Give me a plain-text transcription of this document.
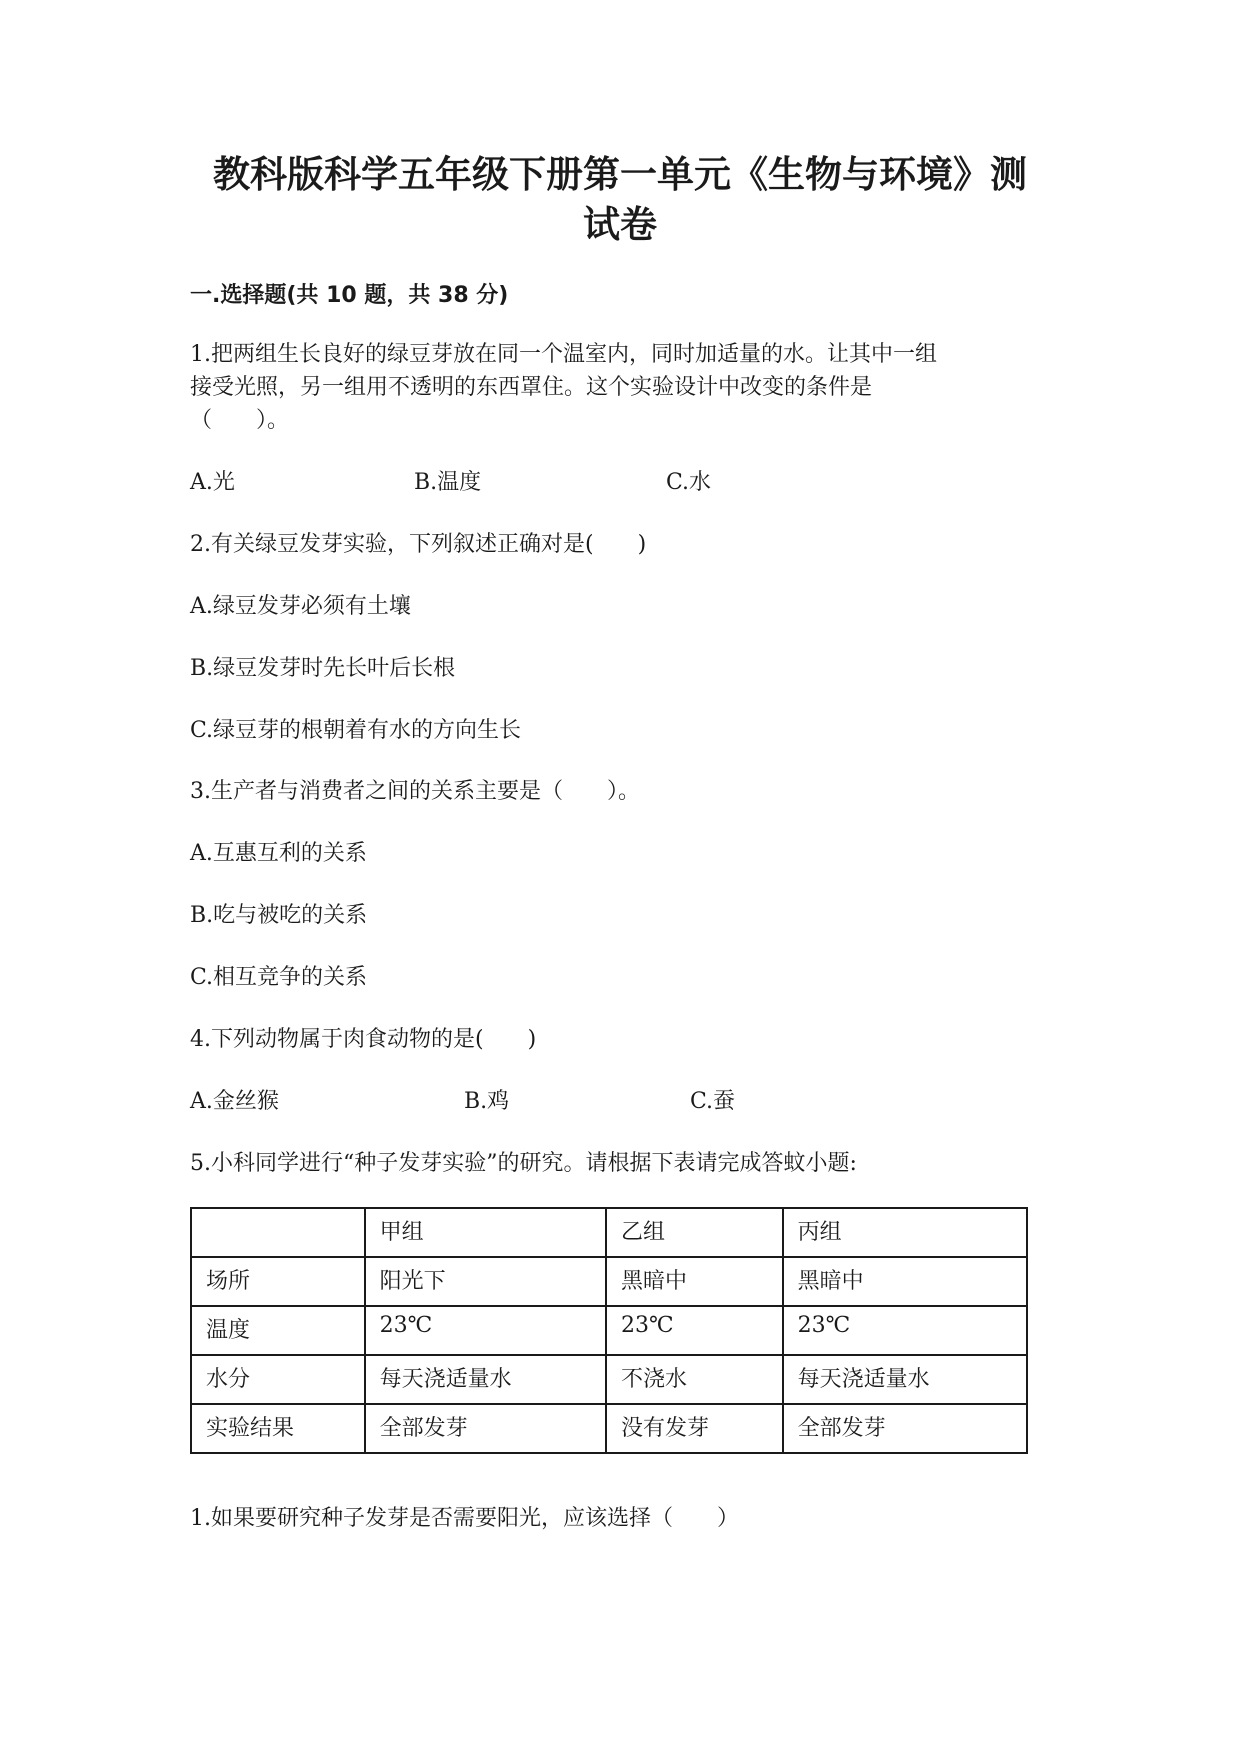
教科版科学五年级下册第一单元《生物与环境》测
试卷
一.选择题(共 10 题，共 38 分)
1.把两组生长良好的绿豆芽放在同一个温室内，同时加适量的水。让其中一组
接受光照，另一组用不透明的东西罩住。这个实验设计中改变的条件是
（　　）。
A.光	B.温度	C.水
2.有关绿豆发芽实验，下列叙述正确对是(　　)
A.绿豆发芽必须有土壤
B.绿豆发芽时先长叶后长根
C.绿豆芽的根朝着有水的方向生长
3.生产者与消费者之间的关系主要是（　　）。
A.互惠互利的关系
B.吃与被吃的关系
C.相互竞争的关系
4.下列动物属于肉食动物的是(　　)
A.金丝猴	B.鸡	C.蚕
5.小科同学进行“种子发芽实验”的研究。请根据下表请完成答蚊小题:
	甲组	乙组	丙组
场所	阳光下	黑暗中	黑暗中
温度	23℃	23℃	23℃
水分	每天浇适量水	不浇水	每天浇适量水
实验结果	全部发芽	没有发芽	全部发芽
1.如果要研究种子发芽是否需要阳光，应该选择（　　）
